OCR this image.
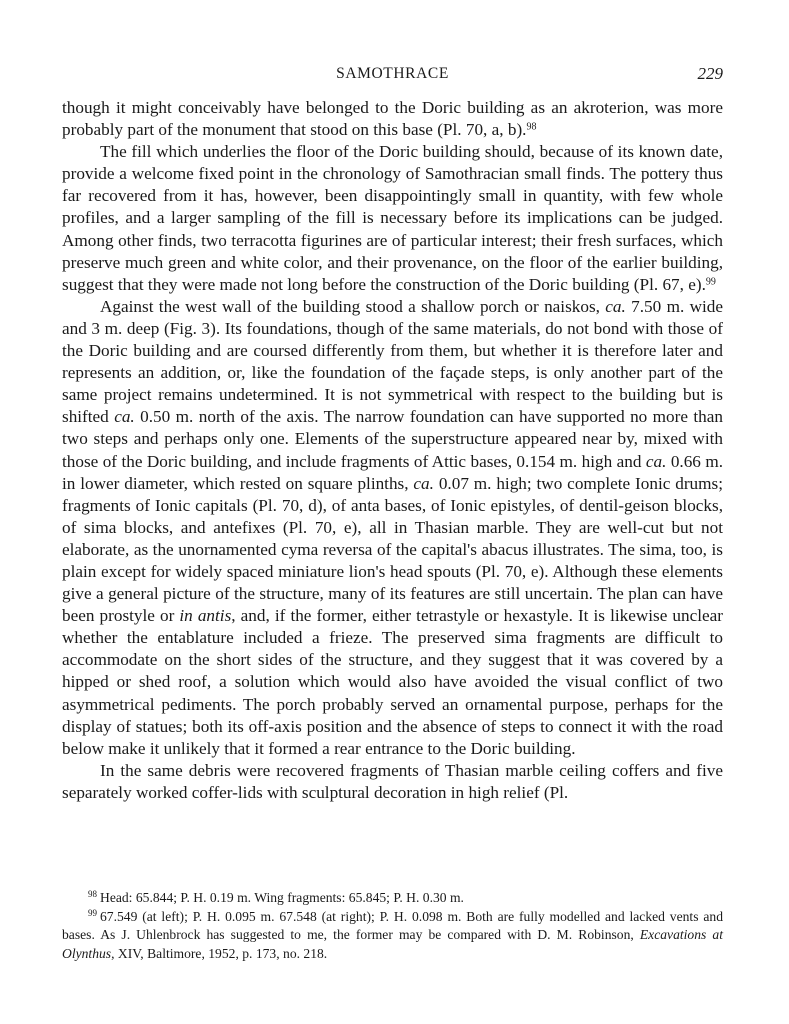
SAMOTHRACE	229

though it might conceivably have belonged to the Doric building as an akroterion, was more probably part of the monument that stood on this base (Pl. 70, a, b).$^{98}$

The fill which underlies the floor of the Doric building should, because of its known date, provide a welcome fixed point in the chronology of Samothracian small finds. The pottery thus far recovered from it has, however, been disappointingly small in quantity, with few whole profiles, and a larger sampling of the fill is necessary before its implications can be judged. Among other finds, two terracotta figurines are of particular interest; their fresh surfaces, which preserve much green and white color, and their provenance, on the floor of the earlier building, suggest that they were made not long before the construction of the Doric building (Pl. 67, e).$^{99}$

Against the west wall of the building stood a shallow porch or naiskos, ca. 7.50 m. wide and 3 m. deep (Fig. 3). Its foundations, though of the same materials, do not bond with those of the Doric building and are coursed differently from them, but whether it is therefore later and represents an addition, or, like the foundation of the façade steps, is only another part of the same project remains undetermined. It is not symmetrical with respect to the building but is shifted ca. 0.50 m. north of the axis. The narrow foundation can have supported no more than two steps and perhaps only one. Elements of the superstructure appeared near by, mixed with those of the Doric building, and include fragments of Attic bases, 0.154 m. high and ca. 0.66 m. in lower diameter, which rested on square plinths, ca. 0.07 m. high; two complete Ionic drums; fragments of Ionic capitals (Pl. 70, d), of anta bases, of Ionic epistyles, of dentil-geison blocks, of sima blocks, and antefixes (Pl. 70, e), all in Thasian marble. They are well-cut but not elaborate, as the unornamented cyma reversa of the capital's abacus illustrates. The sima, too, is plain except for widely spaced miniature lion's head spouts (Pl. 70, e). Although these elements give a general picture of the structure, many of its features are still uncertain. The plan can have been prostyle or in antis, and, if the former, either tetrastyle or hexastyle. It is likewise unclear whether the entablature included a frieze. The preserved sima fragments are difficult to accommodate on the short sides of the structure, and they suggest that it was covered by a hipped or shed roof, a solution which would also have avoided the visual conflict of two asymmetrical pediments. The porch probably served an ornamental purpose, perhaps for the display of statues; both its off-axis position and the absence of steps to connect it with the road below make it unlikely that it formed a rear entrance to the Doric building.

In the same debris were recovered fragments of Thasian marble ceiling coffers and five separately worked coffer-lids with sculptural decoration in high relief (Pl.

$^{98}$ Head: 65.844; P. H. 0.19 m. Wing fragments: 65.845; P. H. 0.30 m.

$^{99}$ 67.549 (at left); P. H. 0.095 m. 67.548 (at right); P. H. 0.098 m. Both are fully modelled and lacked vents and bases. As J. Uhlenbrock has suggested to me, the former may be compared with D. M. Robinson, Excavations at Olynthus, XIV, Baltimore, 1952, p. 173, no. 218.
